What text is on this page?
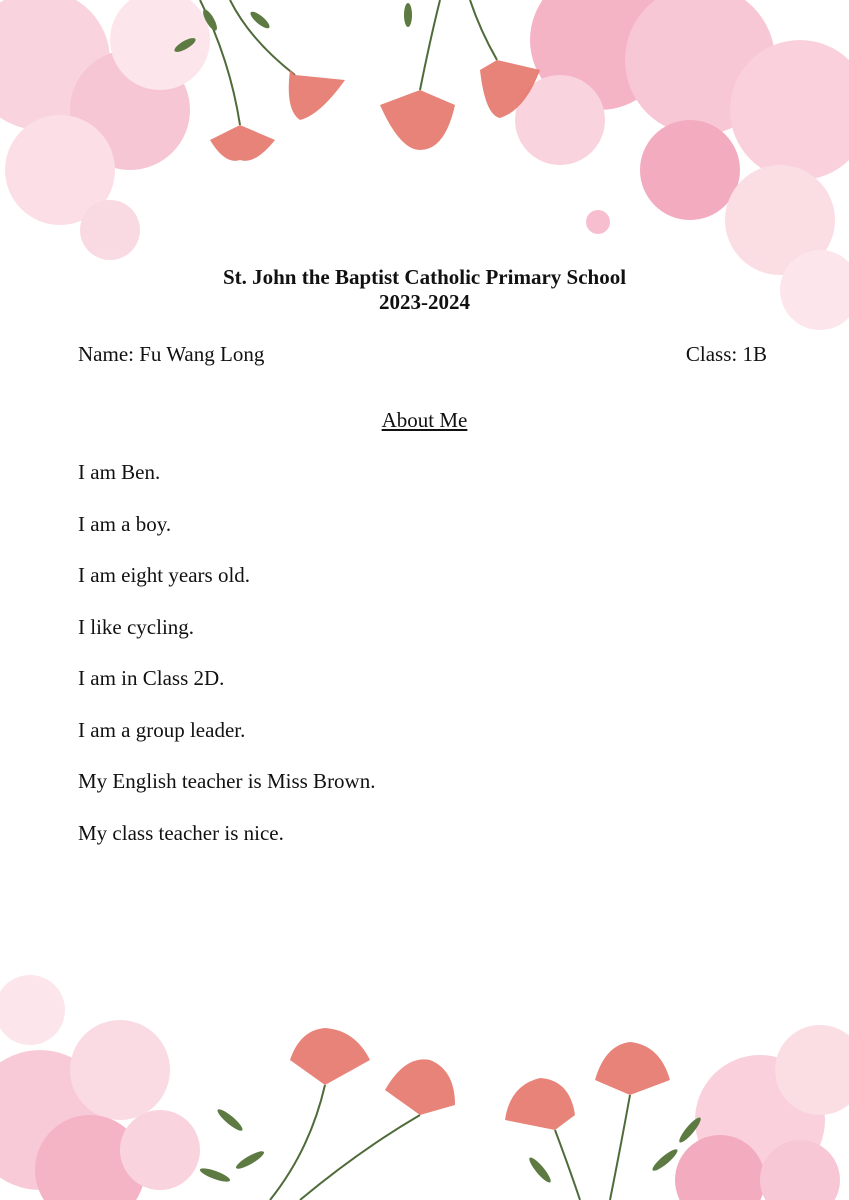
St. John the Baptist Catholic Primary School
2023-2024
Name: Fu Wang Long	Class: 1B
About Me
I am Ben.
I am a boy.
I am eight years old.
I like cycling.
I am in Class 2D.
I am a group leader.
My English teacher is Miss Brown.
My class teacher is nice.
